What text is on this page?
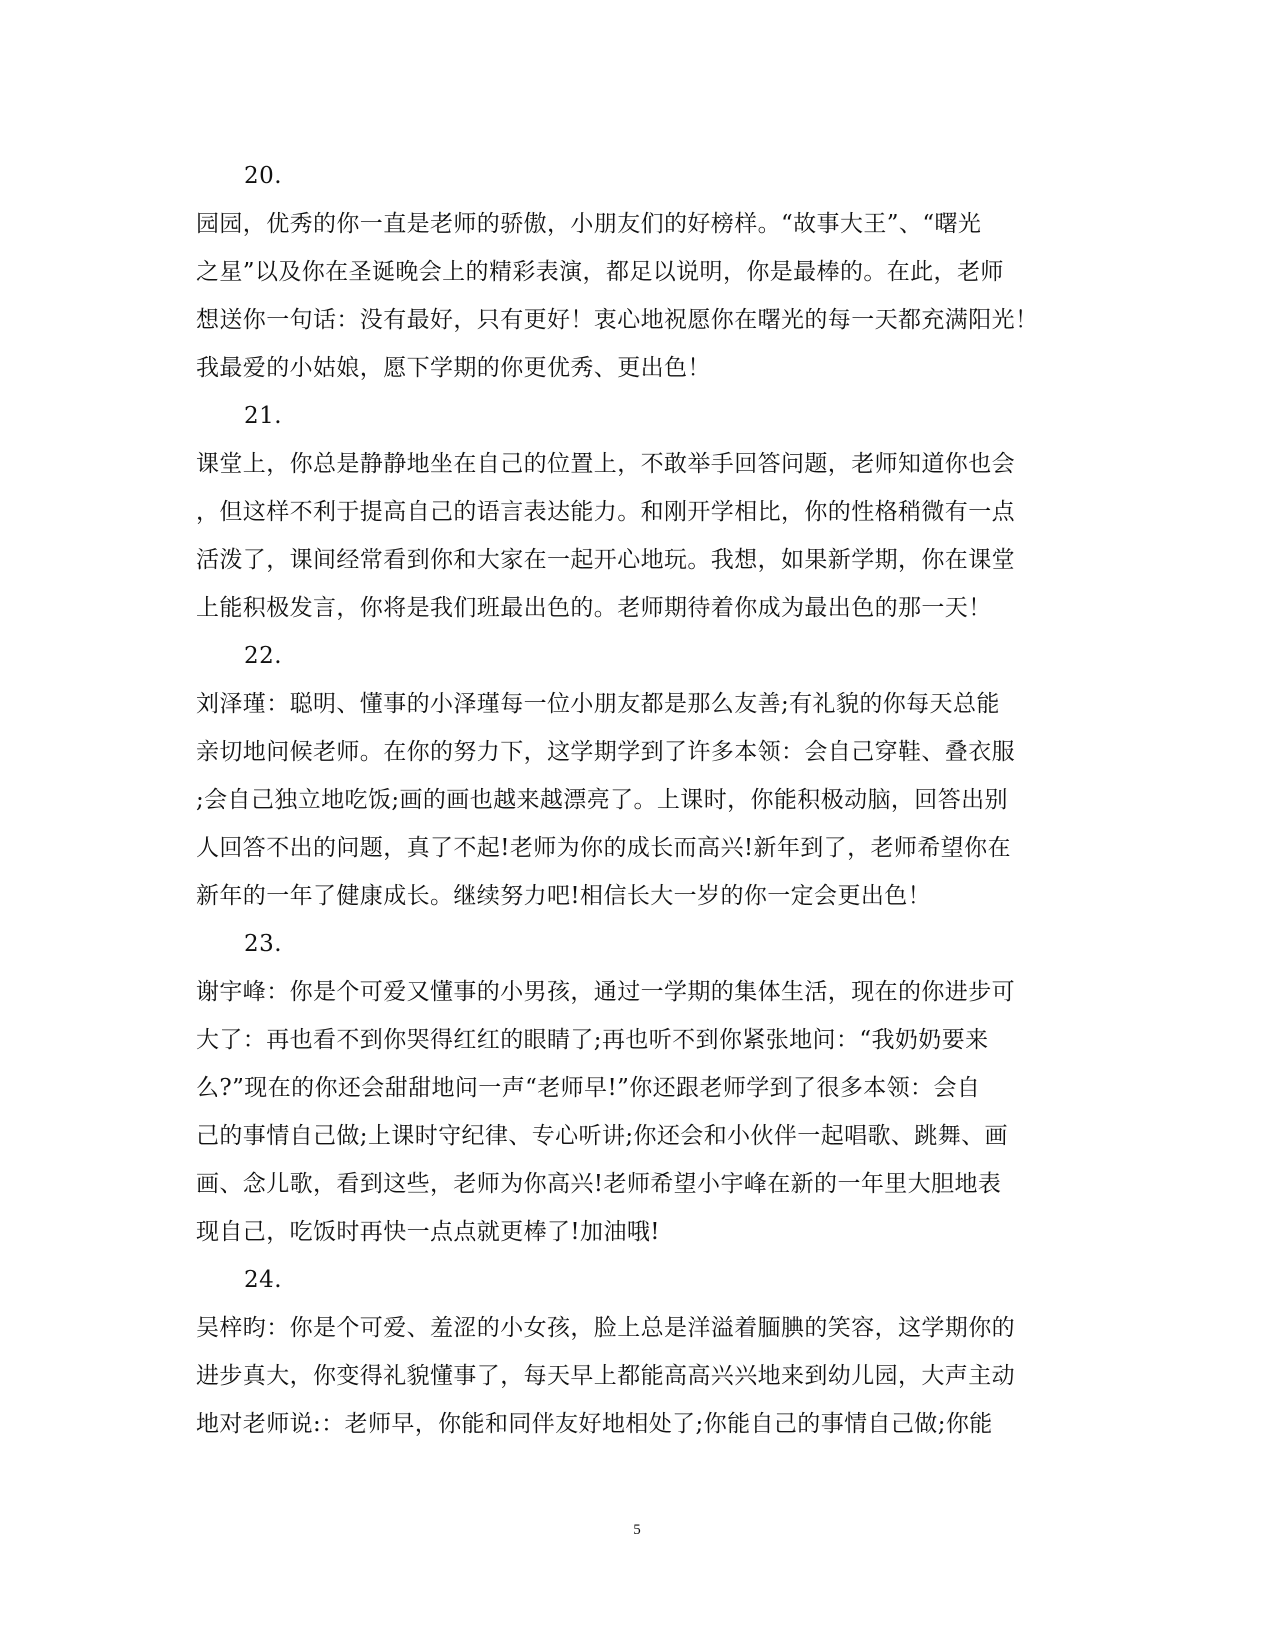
20.
园园，优秀的你一直是老师的骄傲，小朋友们的好榜样。“故事大王”、“曙光
之星”以及你在圣诞晚会上的精彩表演，都足以说明，你是最棒的。在此，老师
想送你一句话：没有最好，只有更好！衷心地祝愿你在曙光的每一天都充满阳光！
我最爱的小姑娘，愿下学期的你更优秀、更出色！
21.
课堂上，你总是静静地坐在自己的位置上，不敢举手回答问题，老师知道你也会
，但这样不利于提高自己的语言表达能力。和刚开学相比，你的性格稍微有一点
活泼了，课间经常看到你和大家在一起开心地玩。我想，如果新学期，你在课堂
上能积极发言，你将是我们班最出色的。老师期待着你成为最出色的那一天！
22.
刘泽瑾：聪明、懂事的小泽瑾每一位小朋友都是那么友善;有礼貌的你每天总能
亲切地问候老师。在你的努力下，这学期学到了许多本领：会自己穿鞋、叠衣服
;会自己独立地吃饭;画的画也越来越漂亮了。上课时，你能积极动脑，回答出别
人回答不出的问题，真了不起!老师为你的成长而高兴!新年到了，老师希望你在
新年的一年了健康成长。继续努力吧!相信长大一岁的你一定会更出色！
23.
谢宇峰：你是个可爱又懂事的小男孩，通过一学期的集体生活，现在的你进步可
大了：再也看不到你哭得红红的眼睛了;再也听不到你紧张地问：“我奶奶要来
么?”现在的你还会甜甜地问一声“老师早!”你还跟老师学到了很多本领：会自
己的事情自己做;上课时守纪律、专心听讲;你还会和小伙伴一起唱歌、跳舞、画
画、念儿歌，看到这些，老师为你高兴!老师希望小宇峰在新的一年里大胆地表
现自己，吃饭时再快一点点就更棒了!加油哦!
24.
吴梓昀：你是个可爱、羞涩的小女孩，脸上总是洋溢着腼腆的笑容，这学期你的
进步真大，你变得礼貌懂事了，每天早上都能高高兴兴地来到幼儿园，大声主动
地对老师说:：老师早，你能和同伴友好地相处了;你能自己的事情自己做;你能
5
